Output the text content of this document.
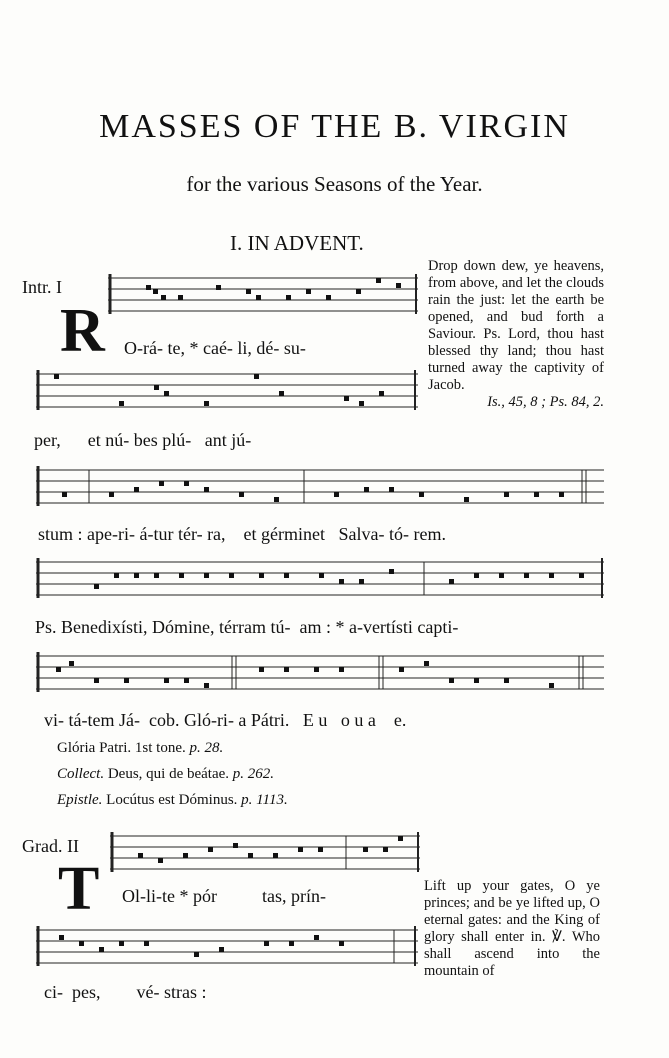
MASSES OF THE B. VIRGIN
for the various Seasons of the Year.
I. IN ADVENT.
Intr. I
R O-rá- te, * caé- li, dé- su-
per,      et nú- bes plú-   ant jú-
Drop down dew, ye heavens, from above, and let the clouds rain the just: let the earth be opened, and bud forth a Saviour. Ps. Lord, thou hast blessed thy land; thou hast turned away the captivity of Jacob.
Is., 45, 8 ; Ps. 84, 2.
stum : ape-ri- á-tur tér- ra,    et gérminet   Salva- tó- rem.
Ps. Benedixísti, Dómine, térram tú-  am : * a-vertísti capti-
vi- tá-tem Já-  cob. Gló-ri- a Pátri.   E u   o u a    e.
Glória Patri. 1st tone. p. 28.
Collect. Deus, qui de beátae. p. 262.
Epistle. Locútus est Dóminus. p. 1113.
Grad. II
T Ol-li-te * pór          tas, prín-
ci-  pes,        vé- stras :
Lift up your gates, O ye princes; and be ye lifted up, O eternal gates: and the King of glory shall enter in. ℣. Who shall ascend into the mountain of
